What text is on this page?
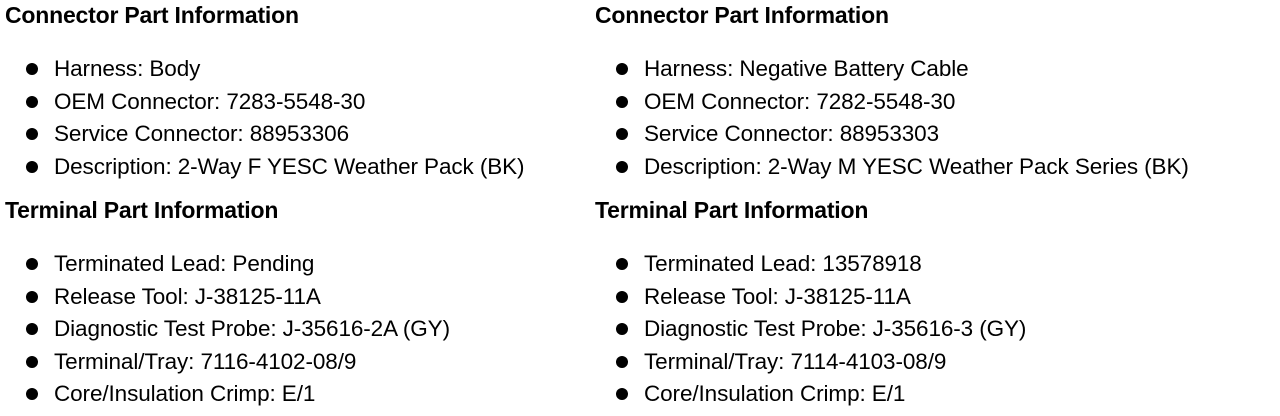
Connector Part Information
Harness: Body
OEM Connector: 7283-5548-30
Service Connector: 88953306
Description: 2-Way F YESC Weather Pack (BK)
Terminal Part Information
Terminated Lead: Pending
Release Tool: J-38125-11A
Diagnostic Test Probe: J-35616-2A (GY)
Terminal/Tray: 7116-4102-08/9
Core/Insulation Crimp: E/1
Connector Part Information
Harness: Negative Battery Cable
OEM Connector: 7282-5548-30
Service Connector: 88953303
Description: 2-Way M YESC Weather Pack Series (BK)
Terminal Part Information
Terminated Lead: 13578918
Release Tool: J-38125-11A
Diagnostic Test Probe: J-35616-3 (GY)
Terminal/Tray: 7114-4103-08/9
Core/Insulation Crimp: E/1
